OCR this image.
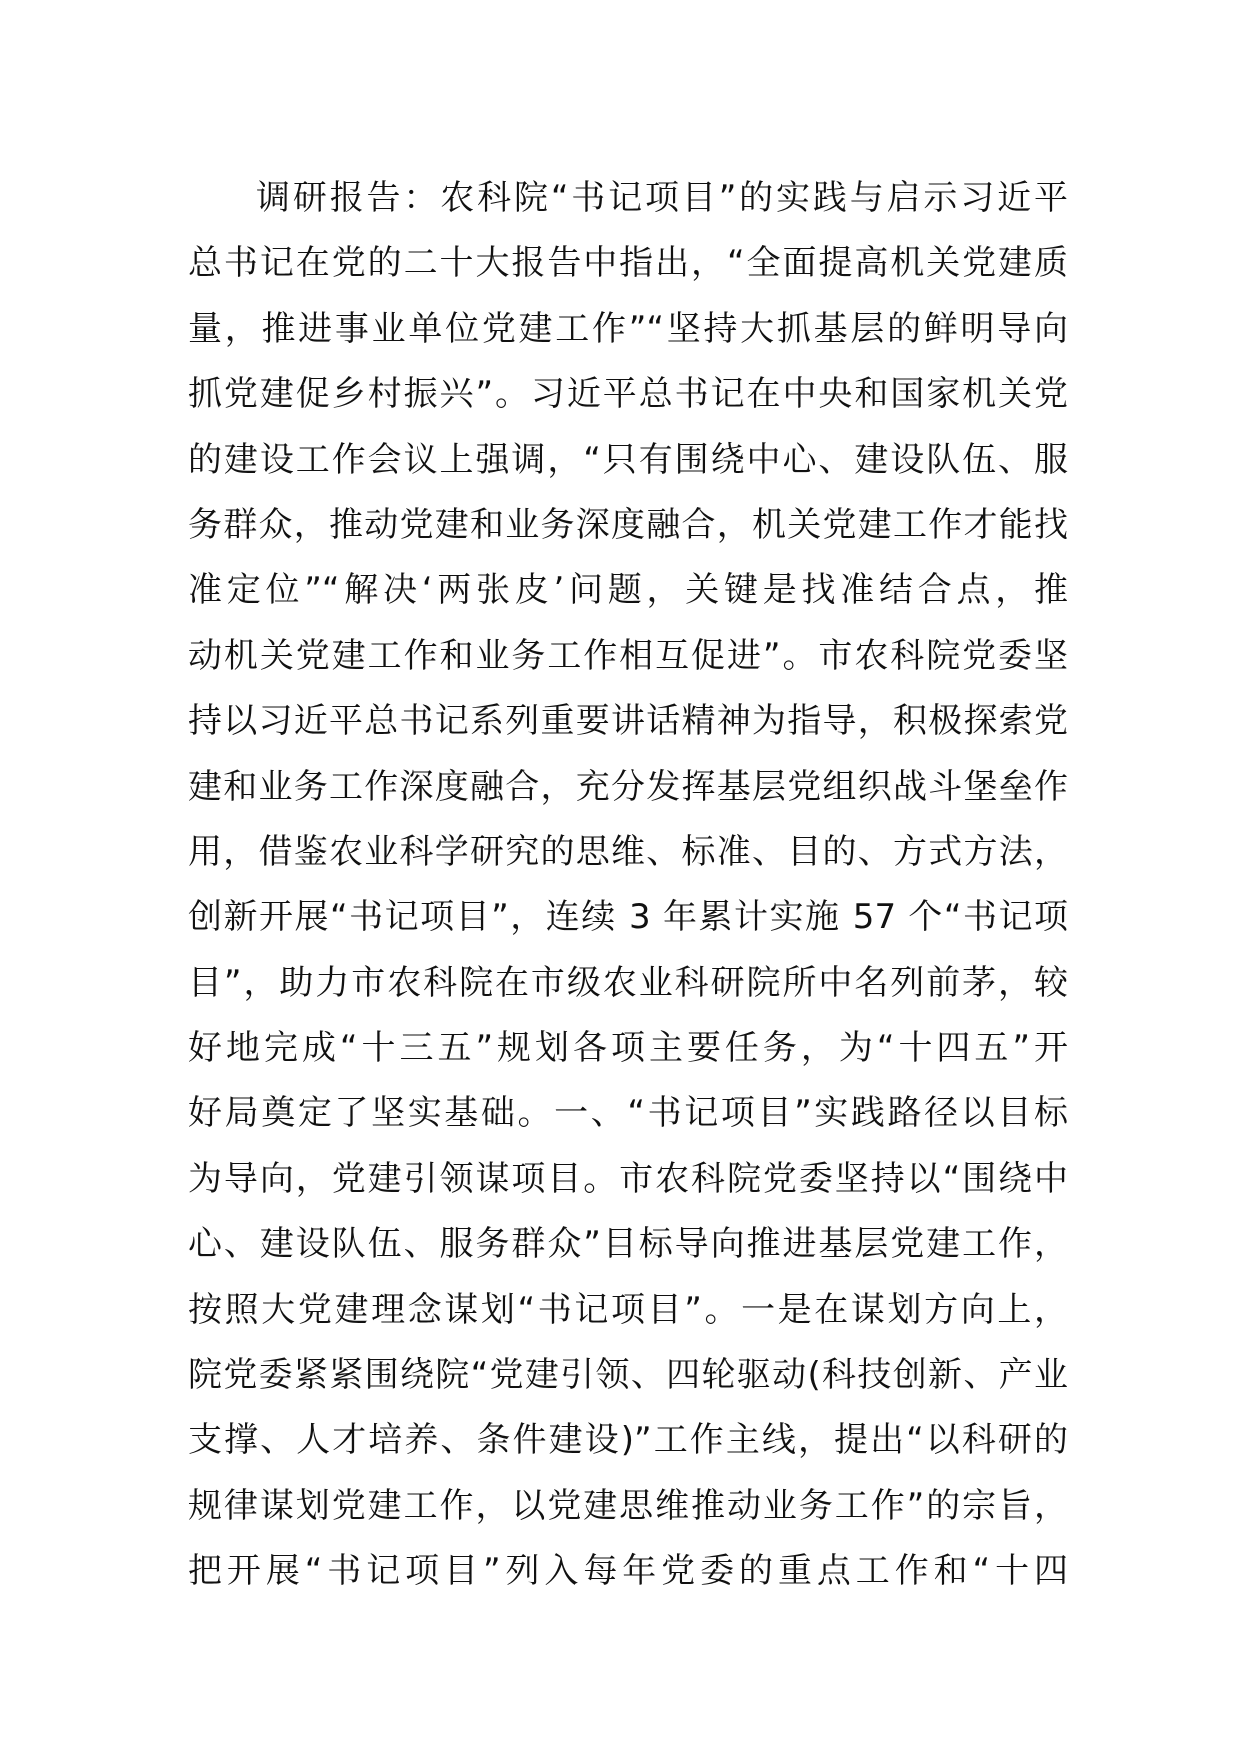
调研报告：农科院“书记项目”的实践与启示习近平
总书记在党的二十大报告中指出，“全面提高机关党建质
量，推进事业单位党建工作”“坚持大抓基层的鲜明导向
抓党建促乡村振兴”。习近平总书记在中央和国家机关党
的建设工作会议上强调，“只有围绕中心、建设队伍、服
务群众，推动党建和业务深度融合，机关党建工作才能找
准定位”“解决‘两张皮’问题，关键是找准结合点，推
动机关党建工作和业务工作相互促进”。市农科院党委坚
持以习近平总书记系列重要讲话精神为指导，积极探索党
建和业务工作深度融合，充分发挥基层党组织战斗堡垒作
用，借鉴农业科学研究的思维、标准、目的、方式方法，
创新开展“书记项目”，连续 3 年累计实施 57 个“书记项
目”，助力市农科院在市级农业科研院所中名列前茅，较
好地完成“十三五”规划各项主要任务，为“十四五”开
好局奠定了坚实基础。一、“书记项目”实践路径以目标
为导向，党建引领谋项目。市农科院党委坚持以“围绕中
心、建设队伍、服务群众”目标导向推进基层党建工作，
按照大党建理念谋划“书记项目”。一是在谋划方向上，
院党委紧紧围绕院“党建引领、四轮驱动(科技创新、产业
支撑、人才培养、条件建设)”工作主线，提出“以科研的
规律谋划党建工作，以党建思维推动业务工作”的宗旨，
把开展“书记项目”列入每年党委的重点工作和“十四
